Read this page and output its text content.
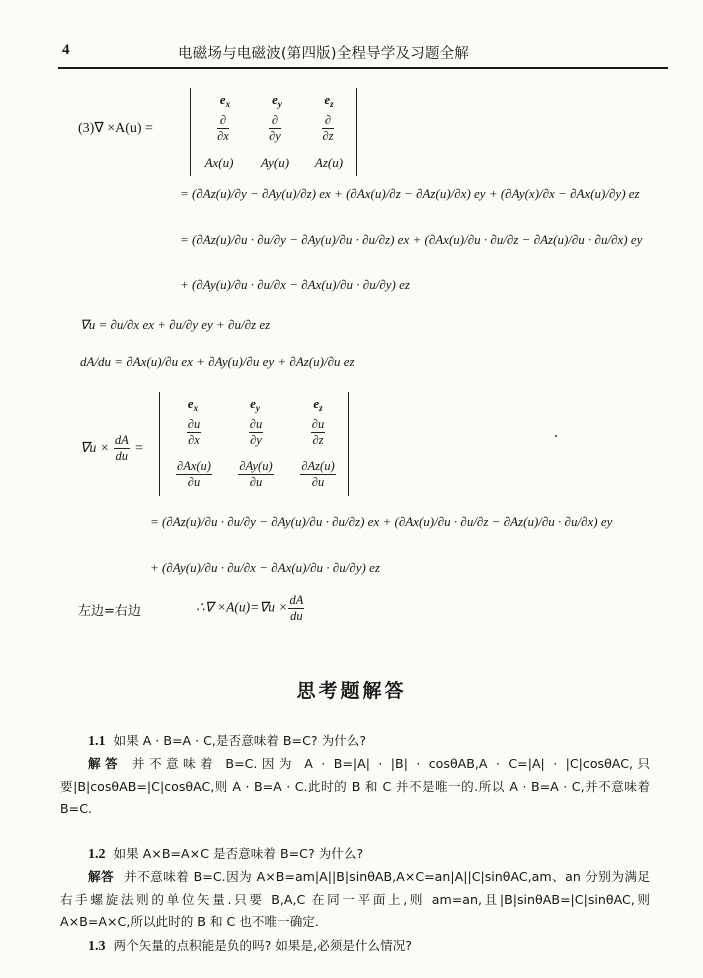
4	电磁场与电磁波(第四版)全程导学及习题全解
(3)∇ ×A(u) =
$e_x$	$e_y$	$e_z$
$\frac{\partial}{\partial x}$	$\frac{\partial}{\partial y}$	$\frac{\partial}{\partial z}$
Ax(u)	Ay(u)	Az(u)
= (∂Az(u)/∂y − ∂Ay(u)/∂z) ex + (∂Ax(u)/∂z − ∂Az(u)/∂x) ey + (∂Ay(x)/∂x − ∂Ax(u)/∂y) ez
= (∂Az(u)/∂u · ∂u/∂y − ∂Ay(u)/∂u · ∂u/∂z) ex + (∂Ax(u)/∂u · ∂u/∂z − ∂Az(u)/∂u · ∂u/∂x) ey
+ (∂Ay(u)/∂u · ∂u/∂x − ∂Ax(u)/∂u · ∂u/∂y) ez
∇u = ∂u/∂x ex + ∂u/∂y ey + ∂u/∂z ez
dA/du = ∂Ax(u)/∂u ex + ∂Ay(u)/∂u ey + ∂Az(u)/∂u ez
$\nabla u \times \frac{dA}{du}$ =
$e_x$	$e_y$	$e_z$
$\frac{\partial u}{\partial x}$	$\frac{\partial u}{\partial y}$	$\frac{\partial u}{\partial z}$
$\frac{\partial Ax(u)}{\partial u} \frac{\partial Ay(u)}{\partial u} \frac{\partial Az(u)}{\partial u}$
= (∂Az(u)/∂u · ∂u/∂y − ∂Ay(u)/∂u · ∂u/∂z) ex + (∂Ax(u)/∂u · ∂u/∂z − ∂Az(u)/∂u · ∂u/∂x) ey
+ (∂Ay(u)/∂u · ∂u/∂x − ∂Ax(u)/∂u · ∂u/∂y) ez
左边=右边	∴∇ $\times A(u)=\nabla u \times \frac{dA}{du}$
思考题解答
1.1 如果 A · B=A · C,是否意味着 B=C? 为什么?
解答 并不意味着 B=C.因为 A · B=|A| · |B| · cosθAB,A · C=|A| · |C|cosθAC,只要|B|cosθAB=|C|cosθAC,则 A · B=A · C.此时的 B 和 C 并不是唯一的.所以 A · B=A · C,并不意味着 B=C.
1.2 如果 A×B=A×C 是否意味着 B=C? 为什么?
解答 并不意味着 B=C.因为 A×B=am|A||B|sinθAB,A×C=an|A||C|sinθAC,am、an 分别为满足右手螺旋法则的单位矢量.只要 B,A,C 在同一平面上,则 am=an,且|B|sinθAB=|C|sinθAC,则 A×B=A×C,所以此时的 B 和 C 也不唯一确定.
1.3 两个矢量的点积能是负的吗? 如果是,必须是什么情况?
